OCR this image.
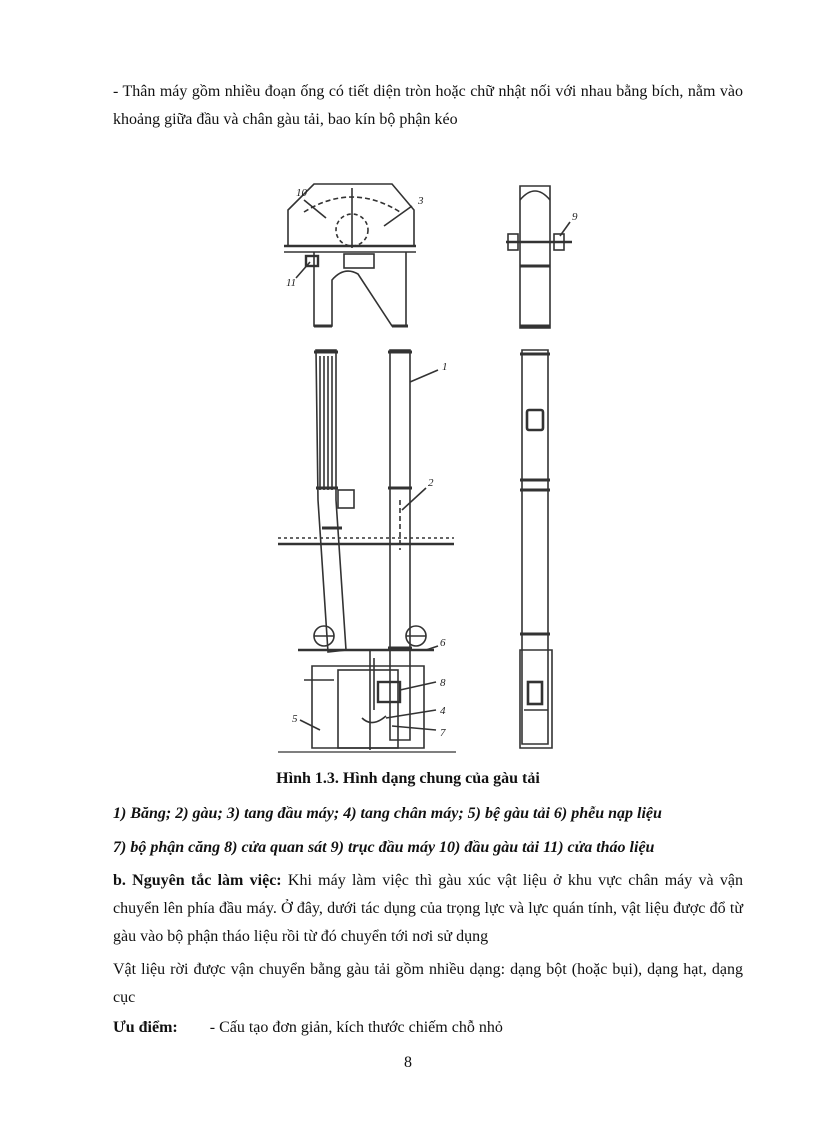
- Thân máy gồm nhiều đoạn ống có tiết diện tròn hoặc chữ nhật nối với nhau bằng bích, nằm vào khoảng giữa đầu và chân gàu tải, bao kín bộ phận kéo
10
3
11
1
2
6
8
4
5
7
9
Hình 1.3. Hình dạng chung của gàu tải
1) Băng; 2) gàu; 3) tang đầu máy; 4) tang chân máy; 5) bệ gàu tải 6) phễu nạp liệu
7) bộ phận căng 8) cửa quan sát 9) trục đầu máy 10) đầu gàu tải 11) cửa tháo liệu
b. Nguyên tắc làm việc: Khi máy làm việc thì gàu xúc vật liệu ở khu vực chân máy và vận chuyển lên phía đầu máy. Ở đây, dưới tác dụng của trọng lực và lực quán tính, vật liệu được đổ từ gàu vào bộ phận tháo liệu rồi từ đó chuyển tới nơi sử dụng
Vật liệu rời được vận chuyển bằng gàu tải gồm nhiều dạng: dạng bột (hoặc bụi), dạng hạt, dạng cục
Ưu điểm: - Cấu tạo đơn giản, kích thước chiếm chỗ nhỏ
8
